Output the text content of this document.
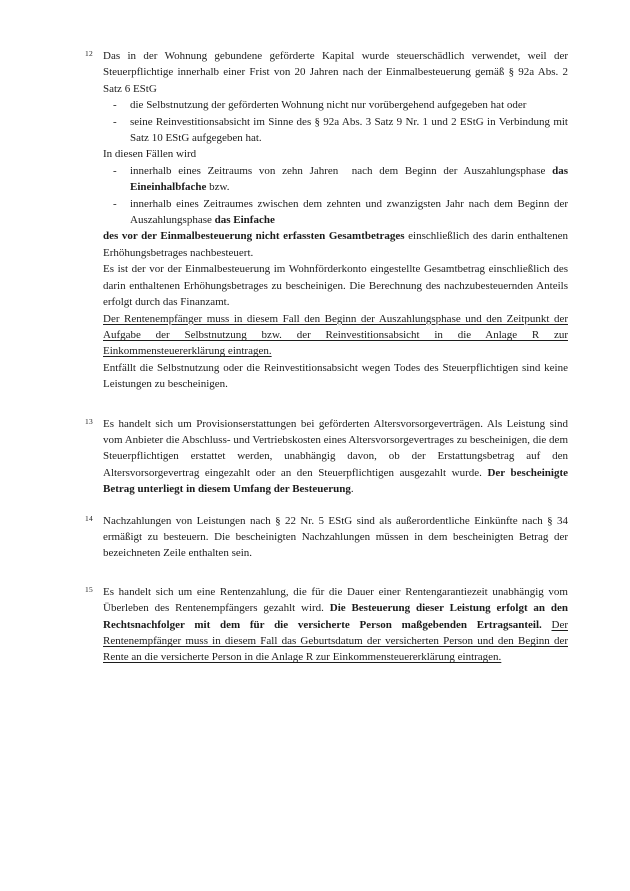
12 Das in der Wohnung gebundene geförderte Kapital wurde steuerschädlich verwendet, weil der Steuerpflichtige innerhalb einer Frist von 20 Jahren nach der Einmalbesteuerung gemäß § 92a Abs. 2 Satz 6 EStG

- die Selbstnutzung der geförderten Wohnung nicht nur vorübergehend aufgegeben hat oder

- seine Reinvestitionsabsicht im Sinne des § 92a Abs. 3 Satz 9 Nr. 1 und 2 EStG in Verbindung mit Satz 10 EStG aufgegeben hat.

In diesen Fällen wird

- innerhalb eines Zeitraums von zehn Jahren  nach dem Beginn der Auszahlungsphase das Eineinhalbfache bzw.

- innerhalb eines Zeitraumes zwischen dem zehnten und zwanzigsten Jahr nach dem Beginn der Auszahlungsphase das Einfache

des vor der Einmalbesteuerung nicht erfassten Gesamtbetrages einschließlich des darin enthaltenen Erhöhungsbetrages nachbesteuert.

Es ist der vor der Einmalbesteuerung im Wohnförderkonto eingestellte Gesamtbetrag einschließlich des darin enthaltenen Erhöhungsbetrages zu bescheinigen. Die Berechnung des nachzubesteuernden Anteils erfolgt durch das Finanzamt.

Der Rentenempfänger muss in diesem Fall den Beginn der Auszahlungsphase und den Zeitpunkt der Aufgabe der Selbstnutzung bzw. der Reinvestitionsabsicht in die Anlage R zur Einkommensteuererklärung eintragen.

Entfällt die Selbstnutzung oder die Reinvestitionsabsicht wegen Todes des Steuerpflichtigen sind keine Leistungen zu bescheinigen.

13 Es handelt sich um Provisionserstattungen bei geförderten Altersvorsorgeverträgen. Als Leistung sind vom Anbieter die Abschluss- und Vertriebskosten eines Altersvorsorgevertrages zu bescheinigen, die dem Steuerpflichtigen erstattet werden, unabhängig davon, ob der Erstattungsbetrag auf den Altersvorsorgevertrag eingezahlt oder an den Steuerpflichtigen ausgezahlt wurde. Der bescheinigte Betrag unterliegt in diesem Umfang der Besteuerung.

14 Nachzahlungen von Leistungen nach § 22 Nr. 5 EStG sind als außerordentliche Einkünfte nach § 34 ermäßigt zu besteuern. Die bescheinigten Nachzahlungen müssen in dem bescheinigten Betrag der bezeichneten Zeile enthalten sein.

15 Es handelt sich um eine Rentenzahlung, die für die Dauer einer Rentengarantiezeit unabhängig vom Überleben des Rentenempfängers gezahlt wird. Die Besteuerung dieser Leistung erfolgt an den Rechtsnachfolger mit dem für die versicherte Person maßgebenden Ertragsanteil. Der Rentenempfänger muss in diesem Fall das Geburtsdatum der versicherten Person und den Beginn der Rente an die versicherte Person in die Anlage R zur Einkommensteuererklärung eintragen.
